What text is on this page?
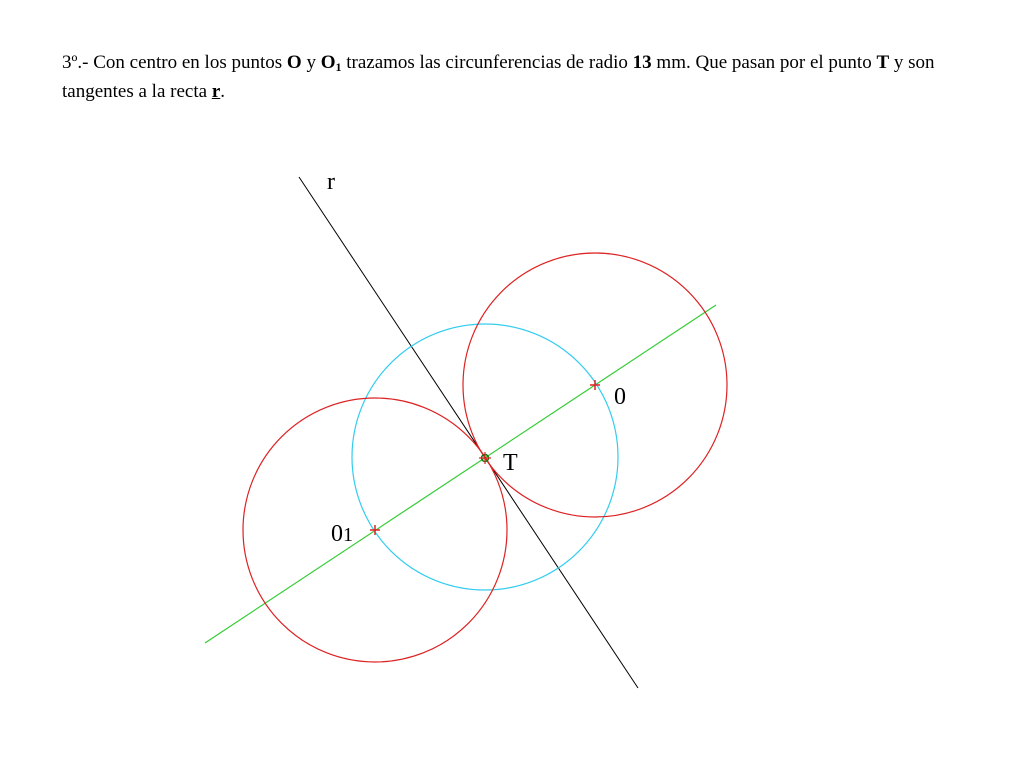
3º.- Con centro en los puntos O y $O_1$ trazamos las circunferencias de radio 13 mm. Que pasan por el punto T y son tangentes a la recta r.
r
T
0
01
